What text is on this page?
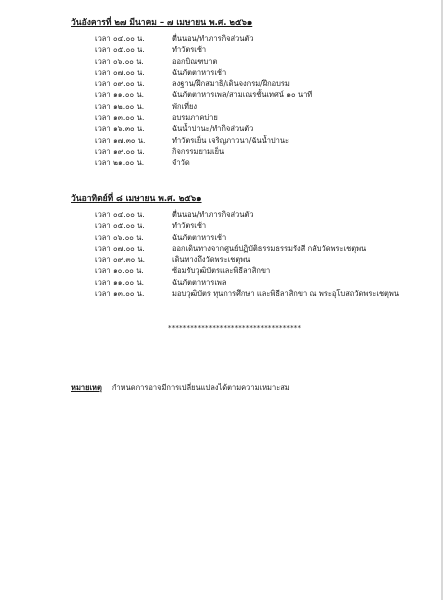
วันอังคารที่ ๒๗ มีนาคม – ๗ เมษายน พ.ศ. ๒๕๖๑
เวลา ๐๔.๐๐ น.	ตื่นนอน/ทำภารกิจส่วนตัว
เวลา ๐๕.๐๐ น.	ทำวัตรเช้า
เวลา ๐๖.๐๐ น.	ออกบิณฑบาต
เวลา ๐๗.๐๐ น.	ฉันภัตตาหารเช้า
เวลา ๐๙.๐๐ น.	ลงฐาน/ฝึกสมาธิ/เดินจงกรม/ฝึกอบรม
เวลา ๑๑.๐๐ น.	ฉันภัตตาหารเพล/สามเณรชั้นเทศน์ ๑๐ นาที
เวลา ๑๒.๐๐ น.	พักเที่ยง
เวลา ๑๓.๐๐ น.	อบรมภาคบ่าย
เวลา ๑๖.๓๐ น.	ฉันน้ำปานะ/ทำกิจส่วนตัว
เวลา ๑๗.๓๐ น.	ทำวัตรเย็น เจริญภาวนา/ฉันน้ำปานะ
เวลา ๑๙.๐๐ น.	กิจกรรมยามเย็น
เวลา ๒๑.๐๐ น.	จำวัด
วันอาทิตย์ที่ ๘ เมษายน พ.ศ. ๒๕๖๑
เวลา ๐๔.๐๐ น.	ตื่นนอน/ทำภารกิจส่วนตัว
เวลา ๐๕.๐๐ น.	ทำวัตรเช้า
เวลา ๐๖.๐๐ น.	ฉันภัตตาหารเช้า
เวลา ๐๗.๐๐ น.	ออกเดินทางจากศูนย์ปฏิบัติธรรมธรรมรังสี กลับวัดพระเชตุพน
เวลา ๐๙.๓๐ น.	เดินทางถึงวัดพระเชตุพน
เวลา ๑๐.๐๐ น.	ซ้อมรับวุฒิบัตรและพิธีลาสิกขา
เวลา ๑๑.๐๐ น.	ฉันภัตตาหารเพล
เวลา ๑๓.๐๐ น.	มอบวุฒิบัตร ทุนการศึกษา และพิธีลาสิกขา ณ พระอุโบสถวัดพระเชตุพน
************************************
หมายเหตุ กำหนดการอาจมีการเปลี่ยนแปลงได้ตามความเหมาะสม
